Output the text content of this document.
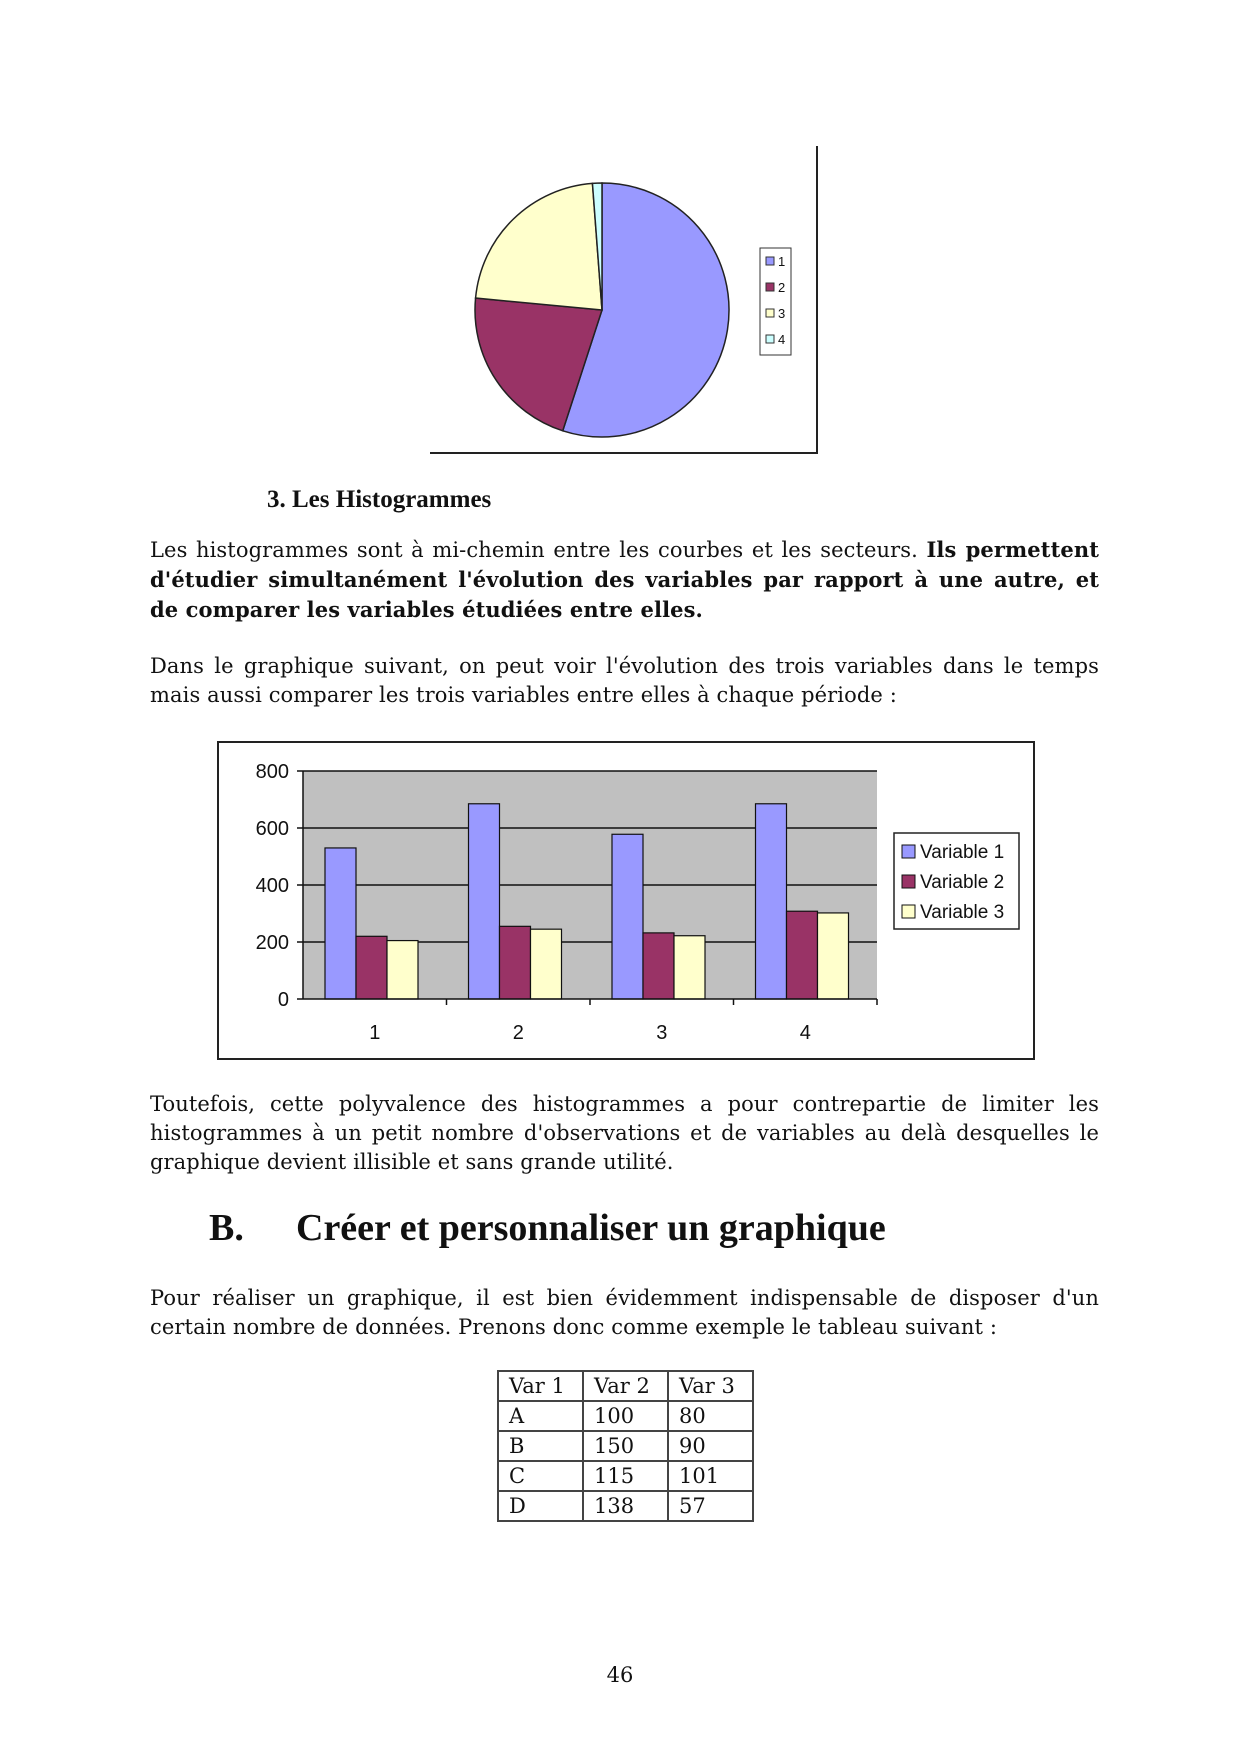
1
2
3
4
3. Les Histogrammes
Les histogrammes sont à mi-chemin entre les courbes et les secteurs. Ils permettent d'étudier simultanément l'évolution des variables par rapport à une autre, et de comparer les variables étudiées entre elles.
Dans le graphique suivant, on peut voir l'évolution des trois variables dans le temps mais aussi comparer les trois variables entre elles à chaque période :
0
200
400
600
800
1	2	3	4
Variable 1
Variable 2
Variable 3
Toutefois, cette polyvalence des histogrammes a pour contrepartie de limiter les histogrammes à un petit nombre d'observations et de variables au delà desquelles le graphique devient illisible et sans grande utilité.
B. Créer et personnaliser un graphique
Pour réaliser un graphique, il est bien évidemment indispensable de disposer d'un certain nombre de données. Prenons donc comme exemple le tableau suivant :
Var 1	Var 2	Var 3
A	100	80
B	150	90
C	115	101
D	138	57
46
